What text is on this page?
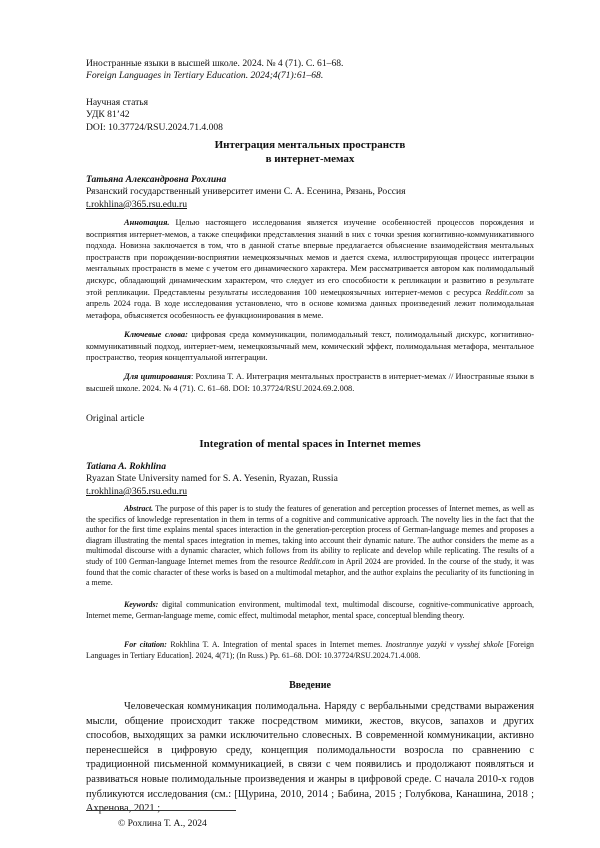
Иностранные языки в высшей школе. 2024. № 4 (71). С. 61–68.
Foreign Languages in Tertiary Education. 2024;4(71):61–68.
Научная статья
УДК 81’42
DOI: 10.37724/RSU.2024.71.4.008
Интеграция ментальных пространств
в интернет-мемах
Татьяна Александровна Рохлина
Рязанский государственный университет имени С. А. Есенина, Рязань, Россия
t.rokhlina@365.rsu.edu.ru
Аннотация. Целью настоящего исследования является изучение особенностей процессов порождения и восприятия интернет-мемов, а также специфики представления знаний в них с точки зрения когнитивно-коммуникативного подхода. Новизна заключается в том, что в данной статье впервые предлагается объяснение взаимодействия ментальных пространств при порождении-восприятии немецкоязычных мемов и дается схема, иллюстрирующая процесс интеграции ментальных пространств в меме с учетом его динамического характера. Мем рассматривается автором как полимодальный дискурс, обладающий динамическим характером, что следует из его способности к репликации и развитию в результате этой репликации. Представлены результаты исследования 100 немецкоязычных интернет-мемов с ресурса Reddit.com за апрель 2024 года. В ходе исследования установлено, что в основе комизма данных произведений лежит полимодальная метафора, объясняется особенность ее функционирования в меме.
Ключевые слова: цифровая среда коммуникации, полимодальный текст, полимодальный дискурс, когнитивно-коммуникативный подход, интернет-мем, немецкоязычный мем, комический эффект, полимодальная метафора, ментальное пространство, теория концептуальной интеграции.
Для цитирования: Рохлина Т. А. Интеграция ментальных пространств в интернет-мемах // Иностранные языки в высшей школе. 2024. № 4 (71). С. 61–68. DOI: 10.37724/RSU.2024.69.2.008.
Original article
Integration of mental spaces in Internet memes
Tatiana A. Rokhlina
Ryazan State University named for S. A. Yesenin, Ryazan, Russia
t.rokhlina@365.rsu.edu.ru
Abstract. The purpose of this paper is to study the features of generation and perception processes of Internet memes, as well as the specifics of knowledge representation in them in terms of a cognitive and communicative approach. The novelty lies in the fact that the author for the first time explains mental spaces interaction in the generation-perception process of German-language memes and proposes a diagram illustrating the mental spaces integration in memes, taking into account their dynamic nature. The author considers the meme as a multimodal discourse with a dynamic character, which follows from its ability to replicate and develop while replicating. The results of a study of 100 German-language Internet memes from the resource Reddit.com in April 2024 are provided. In the course of the study, it was found that the comic character of these works is based on a multimodal metaphor, and the author explains the peculiarity of its functioning in a meme.
Keywords: digital communication environment, multimodal text, multimodal discourse, cognitive-communicative approach, Internet meme, German-language meme, comic effect, multimodal metaphor, mental space, conceptual blending theory.
For citation: Rokhlina T. A. Integration of mental spaces in Internet memes. Inostrannye yazyki v vysshej shkole [Foreign Languages in Tertiary Education]. 2024, 4(71); (In Russ.) Pp. 61–68. DOI: 10.37724/RSU.2024.71.4.008.
Введение
Человеческая коммуникация полимодальна. Наряду с вербальными средствами выражения мысли, общение происходит также посредством мимики, жестов, вкусов, запахов и других способов, выходящих за рамки исключительно словесных. В современной коммуникации, активно перенесшейся в цифровую среду, концепция полимодальности возросла по сравнению с традиционной письменной коммуникацией, в связи с чем появились и продолжают появляться и развиваться новые полимодальные произведения и жанры в цифровой среде. С начала 2010-х годов публикуются исследования (см.: [Щурина, 2010, 2014 ; Бабина, 2015 ; Голубкова, Канашина, 2018 ; Ахренова, 2021 ;
© Рохлина Т. А., 2024
